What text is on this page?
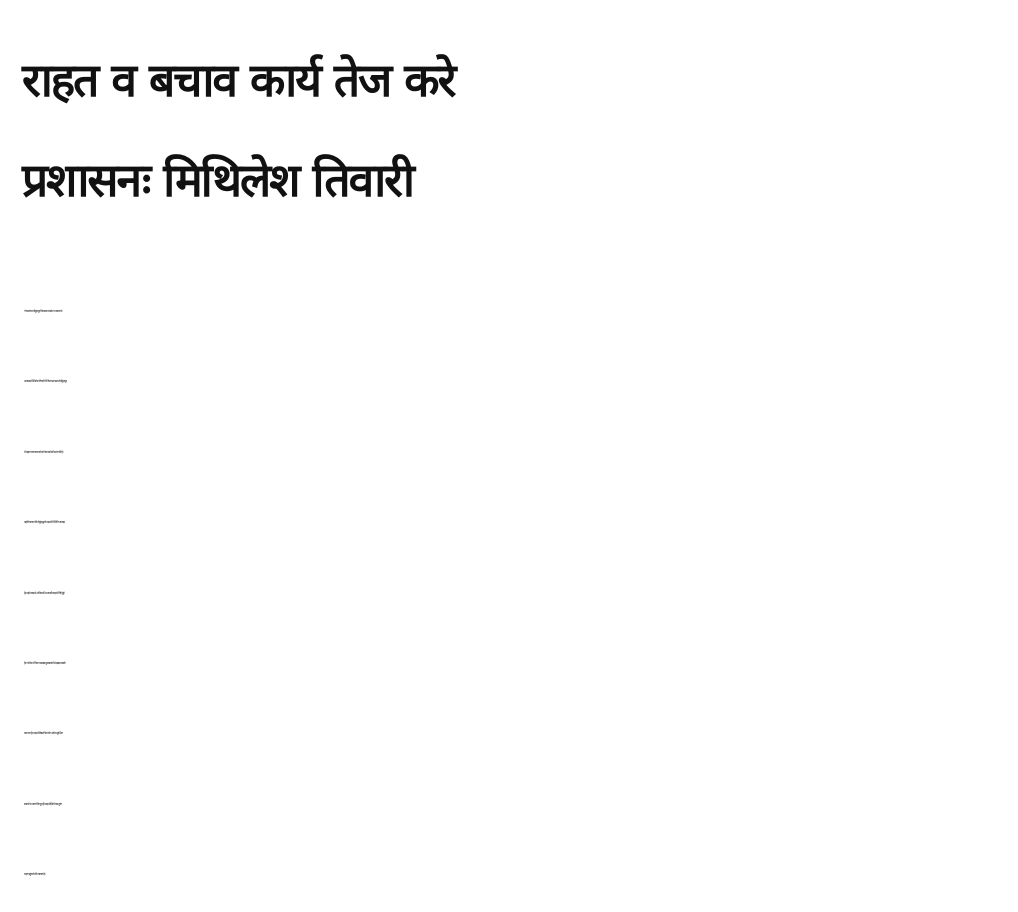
राहत व बचाव कार्य तेज करे
प्रशासनः मिथिलेश तिवारी
गोपालगंज। बैकुंठपुर विधायक व प्रदेश भाजपा के
उपाध्यक्ष मिथिलेश तिवारी ने जिला प्रशासन से बैकुंठपुर
में राहत व बचाव कार्य को तेज करने की मांग की है।
उन्होंने बताया कि बैकुंठपुर में बाढ़ की स्थिति भयावह
है। ढाई लाख से अधिक की आबादी बाढ़ से घिरी हुई
है। गांवों का जिला व प्रखंड मुख्यालयों से सड़क संपर्क
कट गया है। बाढ़ से विस्थापित लोग ऊंचे व सुरक्षित
स्थानों पर शरण लिए हुए हैं। बाढ़ पीड़ितों तक तुरंत
राहत पहुंचाने की जरूरत है।
